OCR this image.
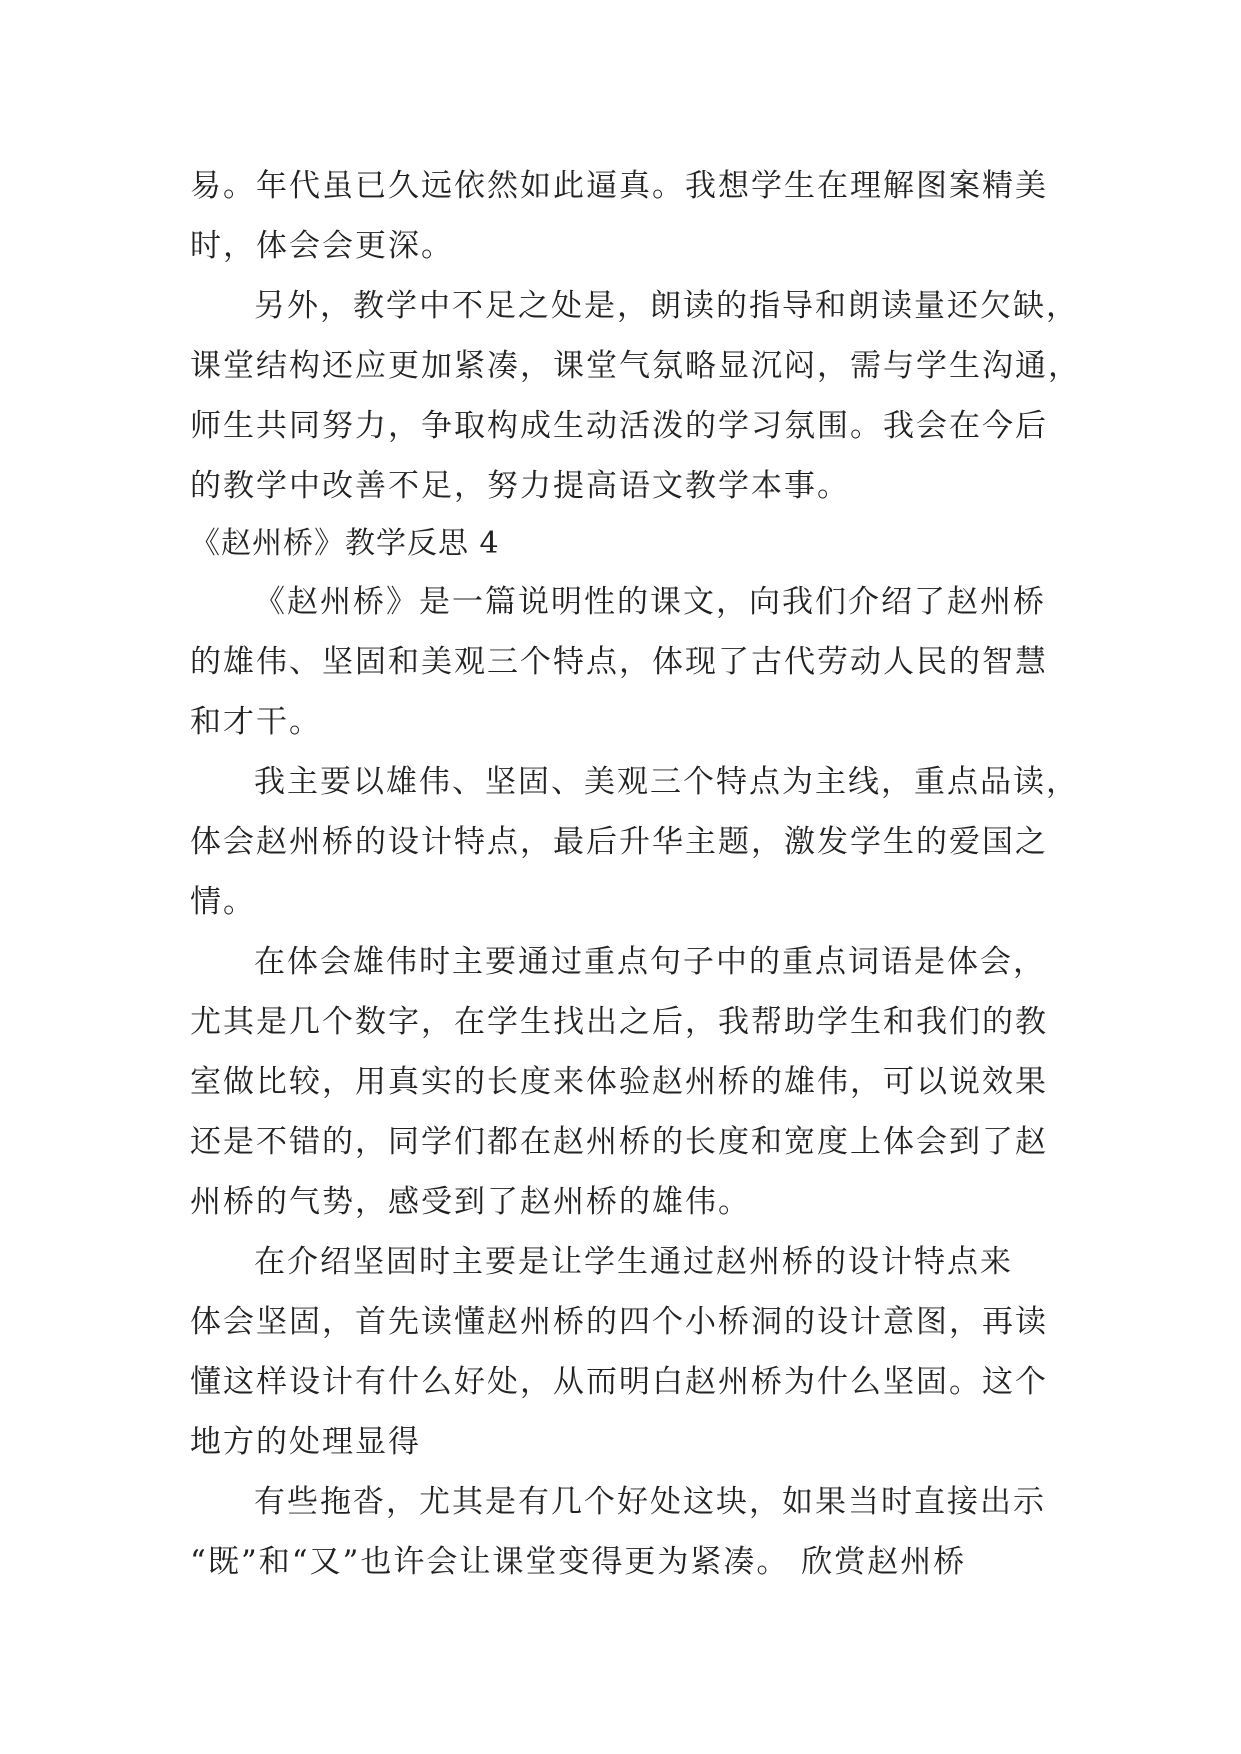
易。年代虽已久远依然如此逼真。我想学生在理解图案精美
时，体会会更深。
另外，教学中不足之处是，朗读的指导和朗读量还欠缺，
课堂结构还应更加紧凑，课堂气氛略显沉闷，需与学生沟通，
师生共同努力，争取构成生动活泼的学习氛围。我会在今后
的教学中改善不足，努力提高语文教学本事。
《赵州桥》教学反思 4
《赵州桥》是一篇说明性的课文，向我们介绍了赵州桥
的雄伟、坚固和美观三个特点，体现了古代劳动人民的智慧
和才干。
我主要以雄伟、坚固、美观三个特点为主线，重点品读，
体会赵州桥的设计特点，最后升华主题，激发学生的爱国之
情。
在体会雄伟时主要通过重点句子中的重点词语是体会，
尤其是几个数字，在学生找出之后，我帮助学生和我们的教
室做比较，用真实的长度来体验赵州桥的雄伟，可以说效果
还是不错的，同学们都在赵州桥的长度和宽度上体会到了赵
州桥的气势，感受到了赵州桥的雄伟。
在介绍坚固时主要是让学生通过赵州桥的设计特点来
体会坚固，首先读懂赵州桥的四个小桥洞的设计意图，再读
懂这样设计有什么好处，从而明白赵州桥为什么坚固。这个
地方的处理显得
有些拖沓，尤其是有几个好处这块，如果当时直接出示
“既”和“又”也许会让课堂变得更为紧凑。 欣赏赵州桥
